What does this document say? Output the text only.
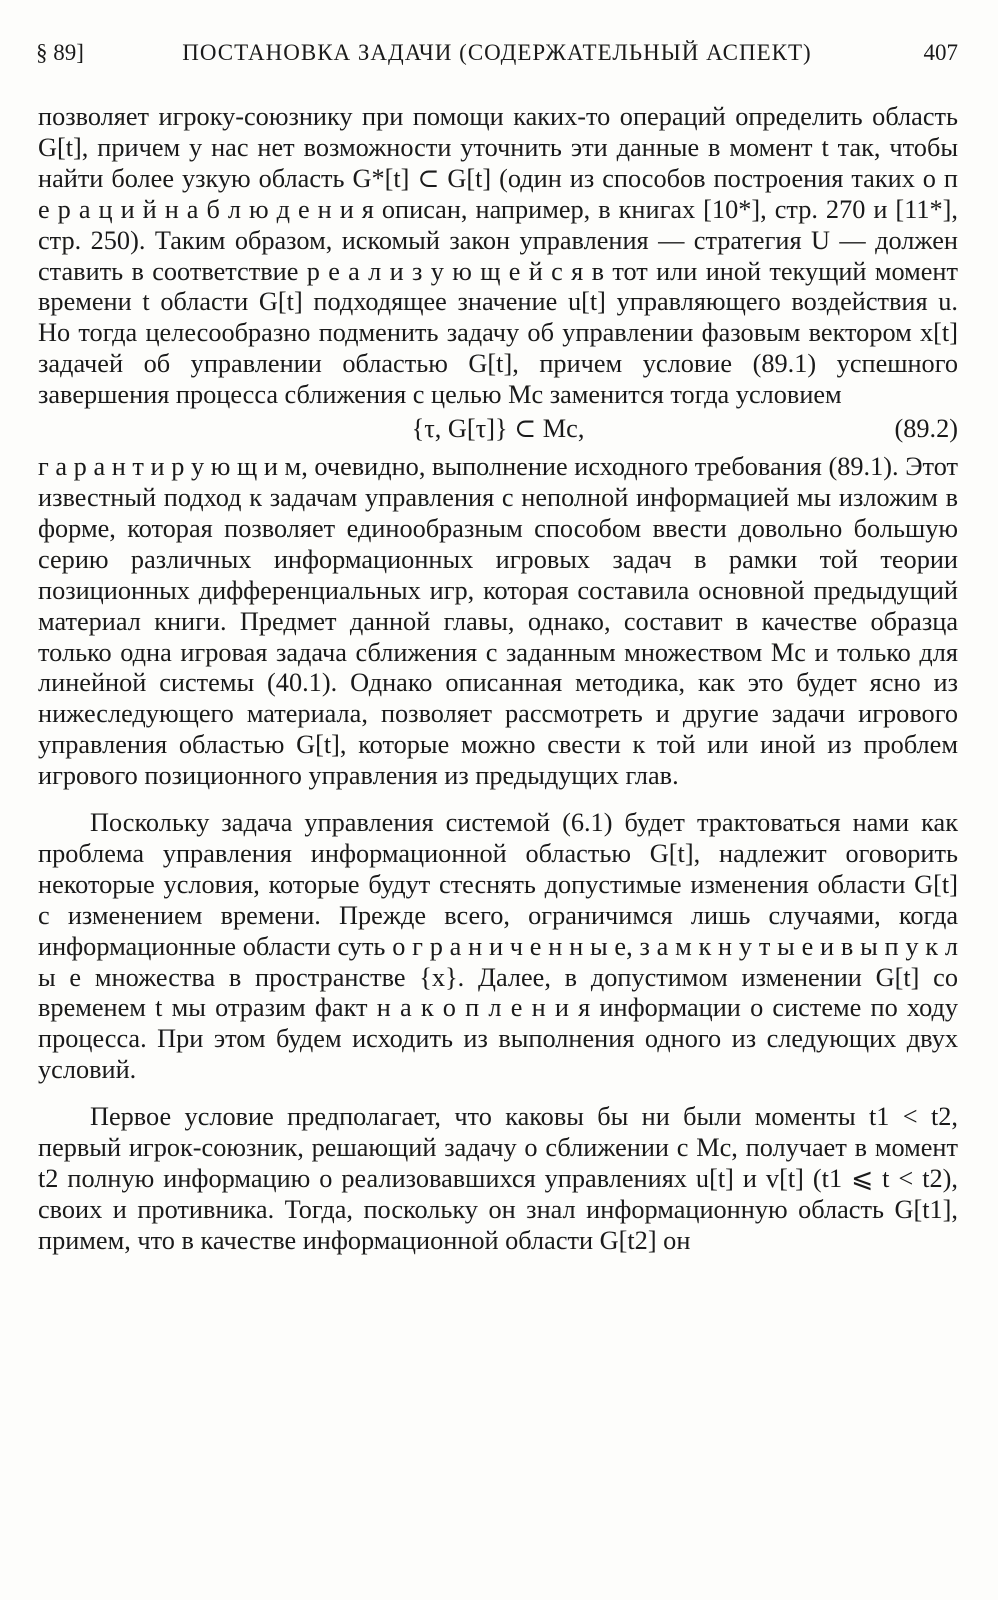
§ 89]	ПОСТАНОВКА ЗАДАЧИ (СОДЕРЖАТЕЛЬНЫЙ АСПЕКТ)	407

позволяет игроку-союзнику при помощи каких-то операций определить область G[t], причем у нас нет возможности уточнить эти данные в момент t так, чтобы найти более узкую область G*[t] ⊂ G[t] (один из способов построения таких о п е р а ц и й н а б л ю д е н и я описан, например, в книгах [10*], стр. 270 и [11*], стр. 250). Таким образом, искомый закон управления — стратегия U — должен ставить в соответствие р е а л и з у ю щ е й с я в тот или иной текущий момент времени t области G[t] подходящее значение u[t] управляющего воздействия u. Но тогда целесообразно подменить задачу об управлении фазовым вектором x[t] задачей об управлении областью G[t], причем условие (89.1) успешного завершения процесса сближения с целью Mc заменится тогда условием

{τ, G[τ]} ⊂ Mc,	(89.2)

г а р а н т и р у ю щ и м, очевидно, выполнение исходного требования (89.1). Этот известный подход к задачам управления с неполной информацией мы изложим в форме, которая позволяет единообразным способом ввести довольно большую серию различных информационных игровых задач в рамки той теории позиционных дифференциальных игр, которая составила основной предыдущий материал книги. Предмет данной главы, однако, составит в качестве образца только одна игровая задача сближения с заданным множеством Mc и только для линейной системы (40.1). Однако описанная методика, как это будет ясно из нижеследующего материала, позволяет рассмотреть и другие задачи игрового управления областью G[t], которые можно свести к той или иной из проблем игрового позиционного управления из предыдущих глав.

Поскольку задача управления системой (6.1) будет трактоваться нами как проблема управления информационной областью G[t], надлежит оговорить некоторые условия, которые будут стеснять допустимые изменения области G[t] с изменением времени. Прежде всего, ограничимся лишь случаями, когда информационные области суть о г р а н и ч е н н ы е, з а м к н у т ы е и в ы п у к л ы е множества в пространстве {x}. Далее, в допустимом изменении G[t] со временем t мы отразим факт н а к о п л е н и я информации о системе по ходу процесса. При этом будем исходить из выполнения одного из следующих двух условий.

Первое условие предполагает, что каковы бы ни были моменты t1 < t2, первый игрок-союзник, решающий задачу о сближении с Mc, получает в момент t2 полную информацию о реализовавшихся управлениях u[t] и v[t] (t1 ⩽ t < t2), своих и противника. Тогда, поскольку он знал информационную область G[t1], примем, что в качестве информационной области G[t2] он
